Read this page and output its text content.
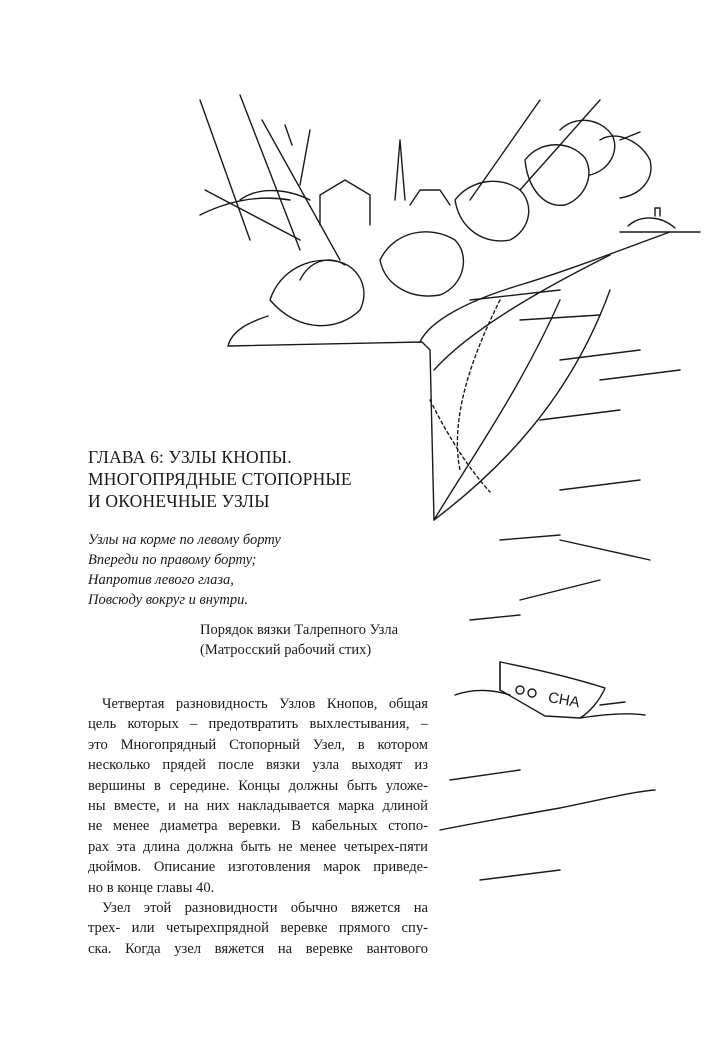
CHA
ГЛАВА 6: УЗЛЫ КНОПЫ.
МНОГОПРЯДНЫЕ СТОПОРНЫЕ
И ОКОНЕЧНЫЕ УЗЛЫ
Узлы на корме по левому борту
Впереди по правому борту;
Напротив левого глаза,
Повсюду вокруг и внутри.
Порядок вязки Талрепного Узла
(Матросский рабочий стих)
Четвертая разновидность Узлов Кнопов, общая
цель которых – предотвратить выхлестывания, –
это Многопрядный Стопорный Узел, в котором
несколько прядей после вязки узла выходят из
вершины в середине. Концы должны быть уложе-
ны вместе, и на них накладывается марка длиной
не менее диаметра веревки. В кабельных стопо-
рах эта длина должна быть не менее четырех-пяти
дюймов. Описание изготовления марок приведе-
но в конце главы 40.
Узел этой разновидности обычно вяжется на
трех- или четырехпрядной веревке прямого спу-
ска. Когда узел вяжется на веревке вантового
